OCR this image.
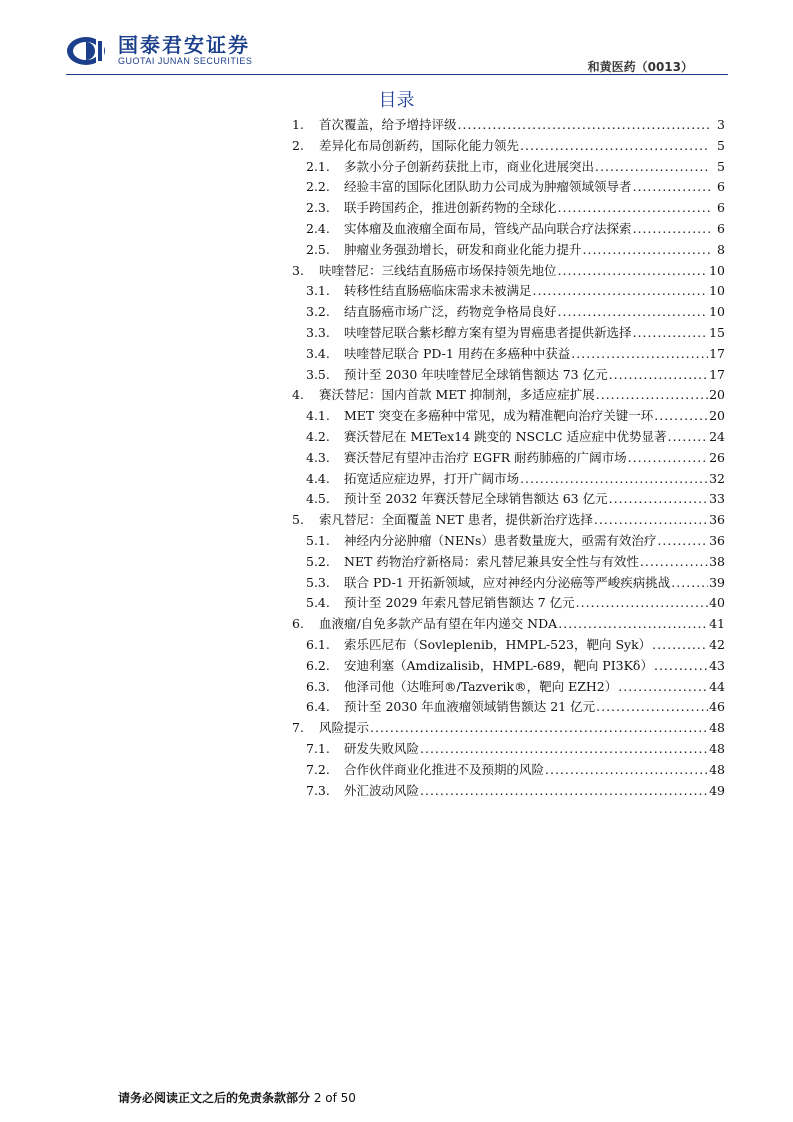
国泰君安证券
GUOTAI JUNAN SECURITIES	和黄医药（0013）
目录
1.	首次覆盖，给予增持评级 .....	3
2.	差异化布局创新药，国际化能力领先 .....	5
2.1.	多款小分子创新药获批上市，商业化进展突出 .....	5
2.2.	经验丰富的国际化团队助力公司成为肿瘤领域领导者 .....	6
2.3.	联手跨国药企，推进创新药物的全球化 .....	6
2.4.	实体瘤及血液瘤全面布局，管线产品向联合疗法探索 .....	6
2.5.	肿瘤业务强劲增长，研发和商业化能力提升 .....	8
3.	呋喹替尼：三线结直肠癌市场保持领先地位 .....	10
3.1.	转移性结直肠癌临床需求未被满足 .....	10
3.2.	结直肠癌市场广泛，药物竞争格局良好 .....	10
3.3.	呋喹替尼联合紫杉醇方案有望为胃癌患者提供新选择 .....	15
3.4.	呋喹替尼联合 PD-1 用药在多癌种中获益 .....	17
3.5.	预计至 2030 年呋喹替尼全球销售额达 73 亿元 .....	17
4.	赛沃替尼：国内首款 MET 抑制剂，多适应症扩展 .....	20
4.1.	MET 突变在多癌种中常见，成为精准靶向治疗关键一环 .....	20
4.2.	赛沃替尼在 METex14 跳变的 NSCLC 适应症中优势显著 .....	24
4.3.	赛沃替尼有望冲击治疗 EGFR 耐药肺癌的广阔市场 .....	26
4.4.	拓宽适应症边界，打开广阔市场 .....	32
4.5.	预计至 2032 年赛沃替尼全球销售额达 63 亿元 .....	33
5.	索凡替尼：全面覆盖 NET 患者，提供新治疗选择 .....	36
5.1.	神经内分泌肿瘤（NENs）患者数量庞大，亟需有效治疗 .....	36
5.2.	NET 药物治疗新格局：索凡替尼兼具安全性与有效性 .....	38
5.3.	联合 PD-1 开拓新领域，应对神经内分泌癌等严峻疾病挑战 .....	39
5.4.	预计至 2029 年索凡替尼销售额达 7 亿元 .....	40
6.	血液瘤/自免多款产品有望在年内递交 NDA .....	41
6.1.	索乐匹尼布（Sovleplenib，HMPL-523，靶向 Syk） .....	42
6.2.	安迪利塞（Amdizalisib，HMPL-689，靶向 PI3Kδ） .....	43
6.3.	他泽司他（达唯珂®/Tazverik®，靶向 EZH2） .....	44
6.4.	预计至 2030 年血液瘤领域销售额达 21 亿元 .....	46
7.	风险提示 .....	48
7.1.	研发失败风险 .....	48
7.2.	合作伙伴商业化推进不及预期的风险 .....	48
7.3.	外汇波动风险 .....	49
请务必阅读正文之后的免责条款部分 2 of 50
